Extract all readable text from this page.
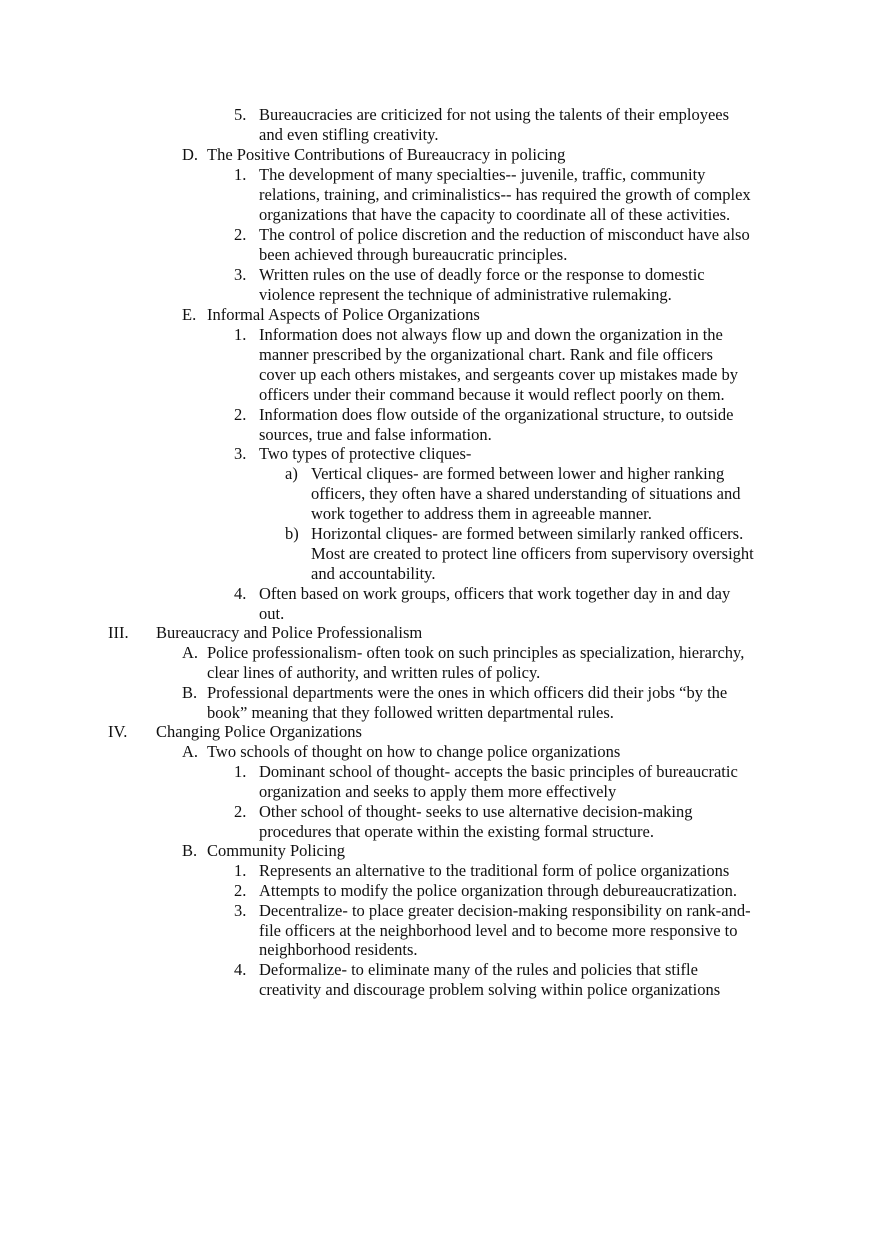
5. Bureaucracies are criticized for not using the talents of their employees
and even stifling creativity.
D. The Positive Contributions of Bureaucracy in policing
1. The development of many specialties-- juvenile, traffic, community
relations, training, and criminalistics-- has required the growth of complex
organizations that have the capacity to coordinate all of these activities.
2. The control of police discretion and the reduction of misconduct have also
been achieved through bureaucratic principles.
3. Written rules on the use of deadly force or the response to domestic
violence represent the technique of administrative rulemaking.
E. Informal Aspects of Police Organizations
1. Information does not always flow up and down the organization in the
manner prescribed by the organizational chart. Rank and file officers
cover up each others mistakes, and sergeants cover up mistakes made by
officers under their command because it would reflect poorly on them.
2. Information does flow outside of the organizational structure, to outside
sources, true and false information.
3. Two types of protective cliques-
a) Vertical cliques- are formed between lower and higher ranking
officers, they often have a shared understanding of situations and
work together to address them in agreeable manner.
b) Horizontal cliques- are formed between similarly ranked officers.
Most are created to protect line officers from supervisory oversight
and accountability.
4. Often based on work groups, officers that work together day in and day
out.
III. Bureaucracy and Police Professionalism
A. Police professionalism- often took on such principles as specialization, hierarchy,
clear lines of authority, and written rules of policy.
B. Professional departments were the ones in which officers did their jobs “by the
book” meaning that they followed written departmental rules.
IV. Changing Police Organizations
A. Two schools of thought on how to change police organizations
1. Dominant school of thought- accepts the basic principles of bureaucratic
organization and seeks to apply them more effectively
2. Other school of thought- seeks to use alternative decision-making
procedures that operate within the existing formal structure.
B. Community Policing
1. Represents an alternative to the traditional form of police organizations
2. Attempts to modify the police organization through debureaucratization.
3. Decentralize- to place greater decision-making responsibility on rank-and-
file officers at the neighborhood level and to become more responsive to
neighborhood residents.
4. Deformalize- to eliminate many of the rules and policies that stifle
creativity and discourage problem solving within police organizations
